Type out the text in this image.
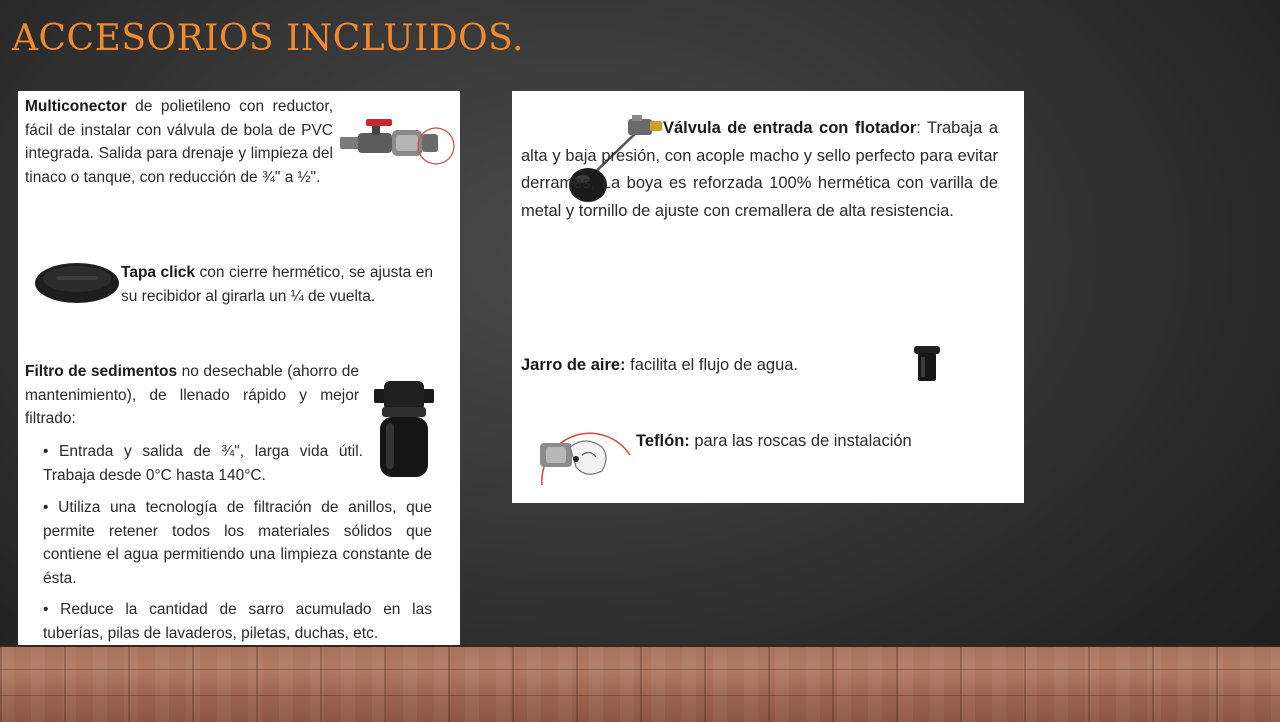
ACCESORIOS INCLUIDOS.

Multiconector de polietileno con reductor, fácil de instalar con válvula de bola de PVC integrada. Salida para drenaje y limpieza del tinaco o tanque, con reducción de ¾" a ½".

Tapa click con cierre hermético, se ajusta en su recibidor al girarla un ¼ de vuelta.

Filtro de sedimentos no desechable (ahorro de mantenimiento), de llenado rápido y mejor filtrado:

• Entrada y salida de ¾", larga vida útil. Trabaja desde 0°C hasta 140°C.

• Utiliza una tecnología de filtración de anillos, que permite retener todos los materiales sólidos que contiene el agua permitiendo una limpieza constante de ésta.

• Reduce la cantidad de sarro acumulado en las tuberías, pilas de lavaderos, piletas, duchas, etc.

Válvula de entrada con flotador: Trabaja a alta y baja presión, con acople macho y sello perfecto para evitar derrames, La boya es reforzada 100% hermética con varilla de metal y tornillo de ajuste con cremallera de alta resistencia.

Jarro de aire: facilita el flujo de agua.

Teflón: para las roscas de instalación
